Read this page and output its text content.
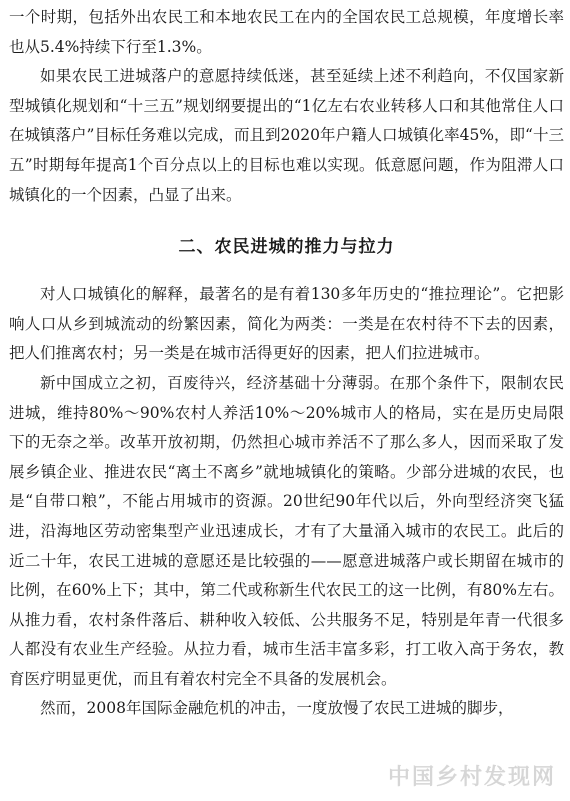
一个时期，包括外出农民工和本地农民工在内的全国农民工总规模，年度增长率也从5.4%持续下行至1.3%。

如果农民工进城落户的意愿持续低迷，甚至延续上述不利趋向，不仅国家新型城镇化规划和“十三五”规划纲要提出的“1亿左右农业转移人口和其他常住人口在城镇落户”目标任务难以完成，而且到2020年户籍人口城镇化率45%，即“十三五”时期每年提高1个百分点以上的目标也难以实现。低意愿问题，作为阻滞人口城镇化的一个因素，凸显了出来。

二、农民进城的推力与拉力

对人口城镇化的解释，最著名的是有着130多年历史的“推拉理论”。它把影响人口从乡到城流动的纷繁因素，简化为两类：一类是在农村待不下去的因素，把人们推离农村；另一类是在城市活得更好的因素，把人们拉进城市。

新中国成立之初，百废待兴，经济基础十分薄弱。在那个条件下，限制农民进城，维持80%～90%农村人养活10%～20%城市人的格局，实在是历史局限下的无奈之举。改革开放初期，仍然担心城市养活不了那么多人，因而采取了发展乡镇企业、推进农民“离土不离乡”就地城镇化的策略。少部分进城的农民，也是“自带口粮”，不能占用城市的资源。20世纪90年代以后，外向型经济突飞猛进，沿海地区劳动密集型产业迅速成长，才有了大量涌入城市的农民工。此后的近二十年，农民工进城的意愿还是比较强的——愿意进城落户或长期留在城市的比例，在60%上下；其中，第二代或称新生代农民工的这一比例，有80%左右。从推力看，农村条件落后、耕种收入较低、公共服务不足，特别是年青一代很多人都没有农业生产经验。从拉力看，城市生活丰富多彩，打工收入高于务农，教育医疗明显更优，而且有着农村完全不具备的发展机会。

然而，2008年国际金融危机的冲击，一度放慢了农民工进城的脚步，

中国乡村发现网
